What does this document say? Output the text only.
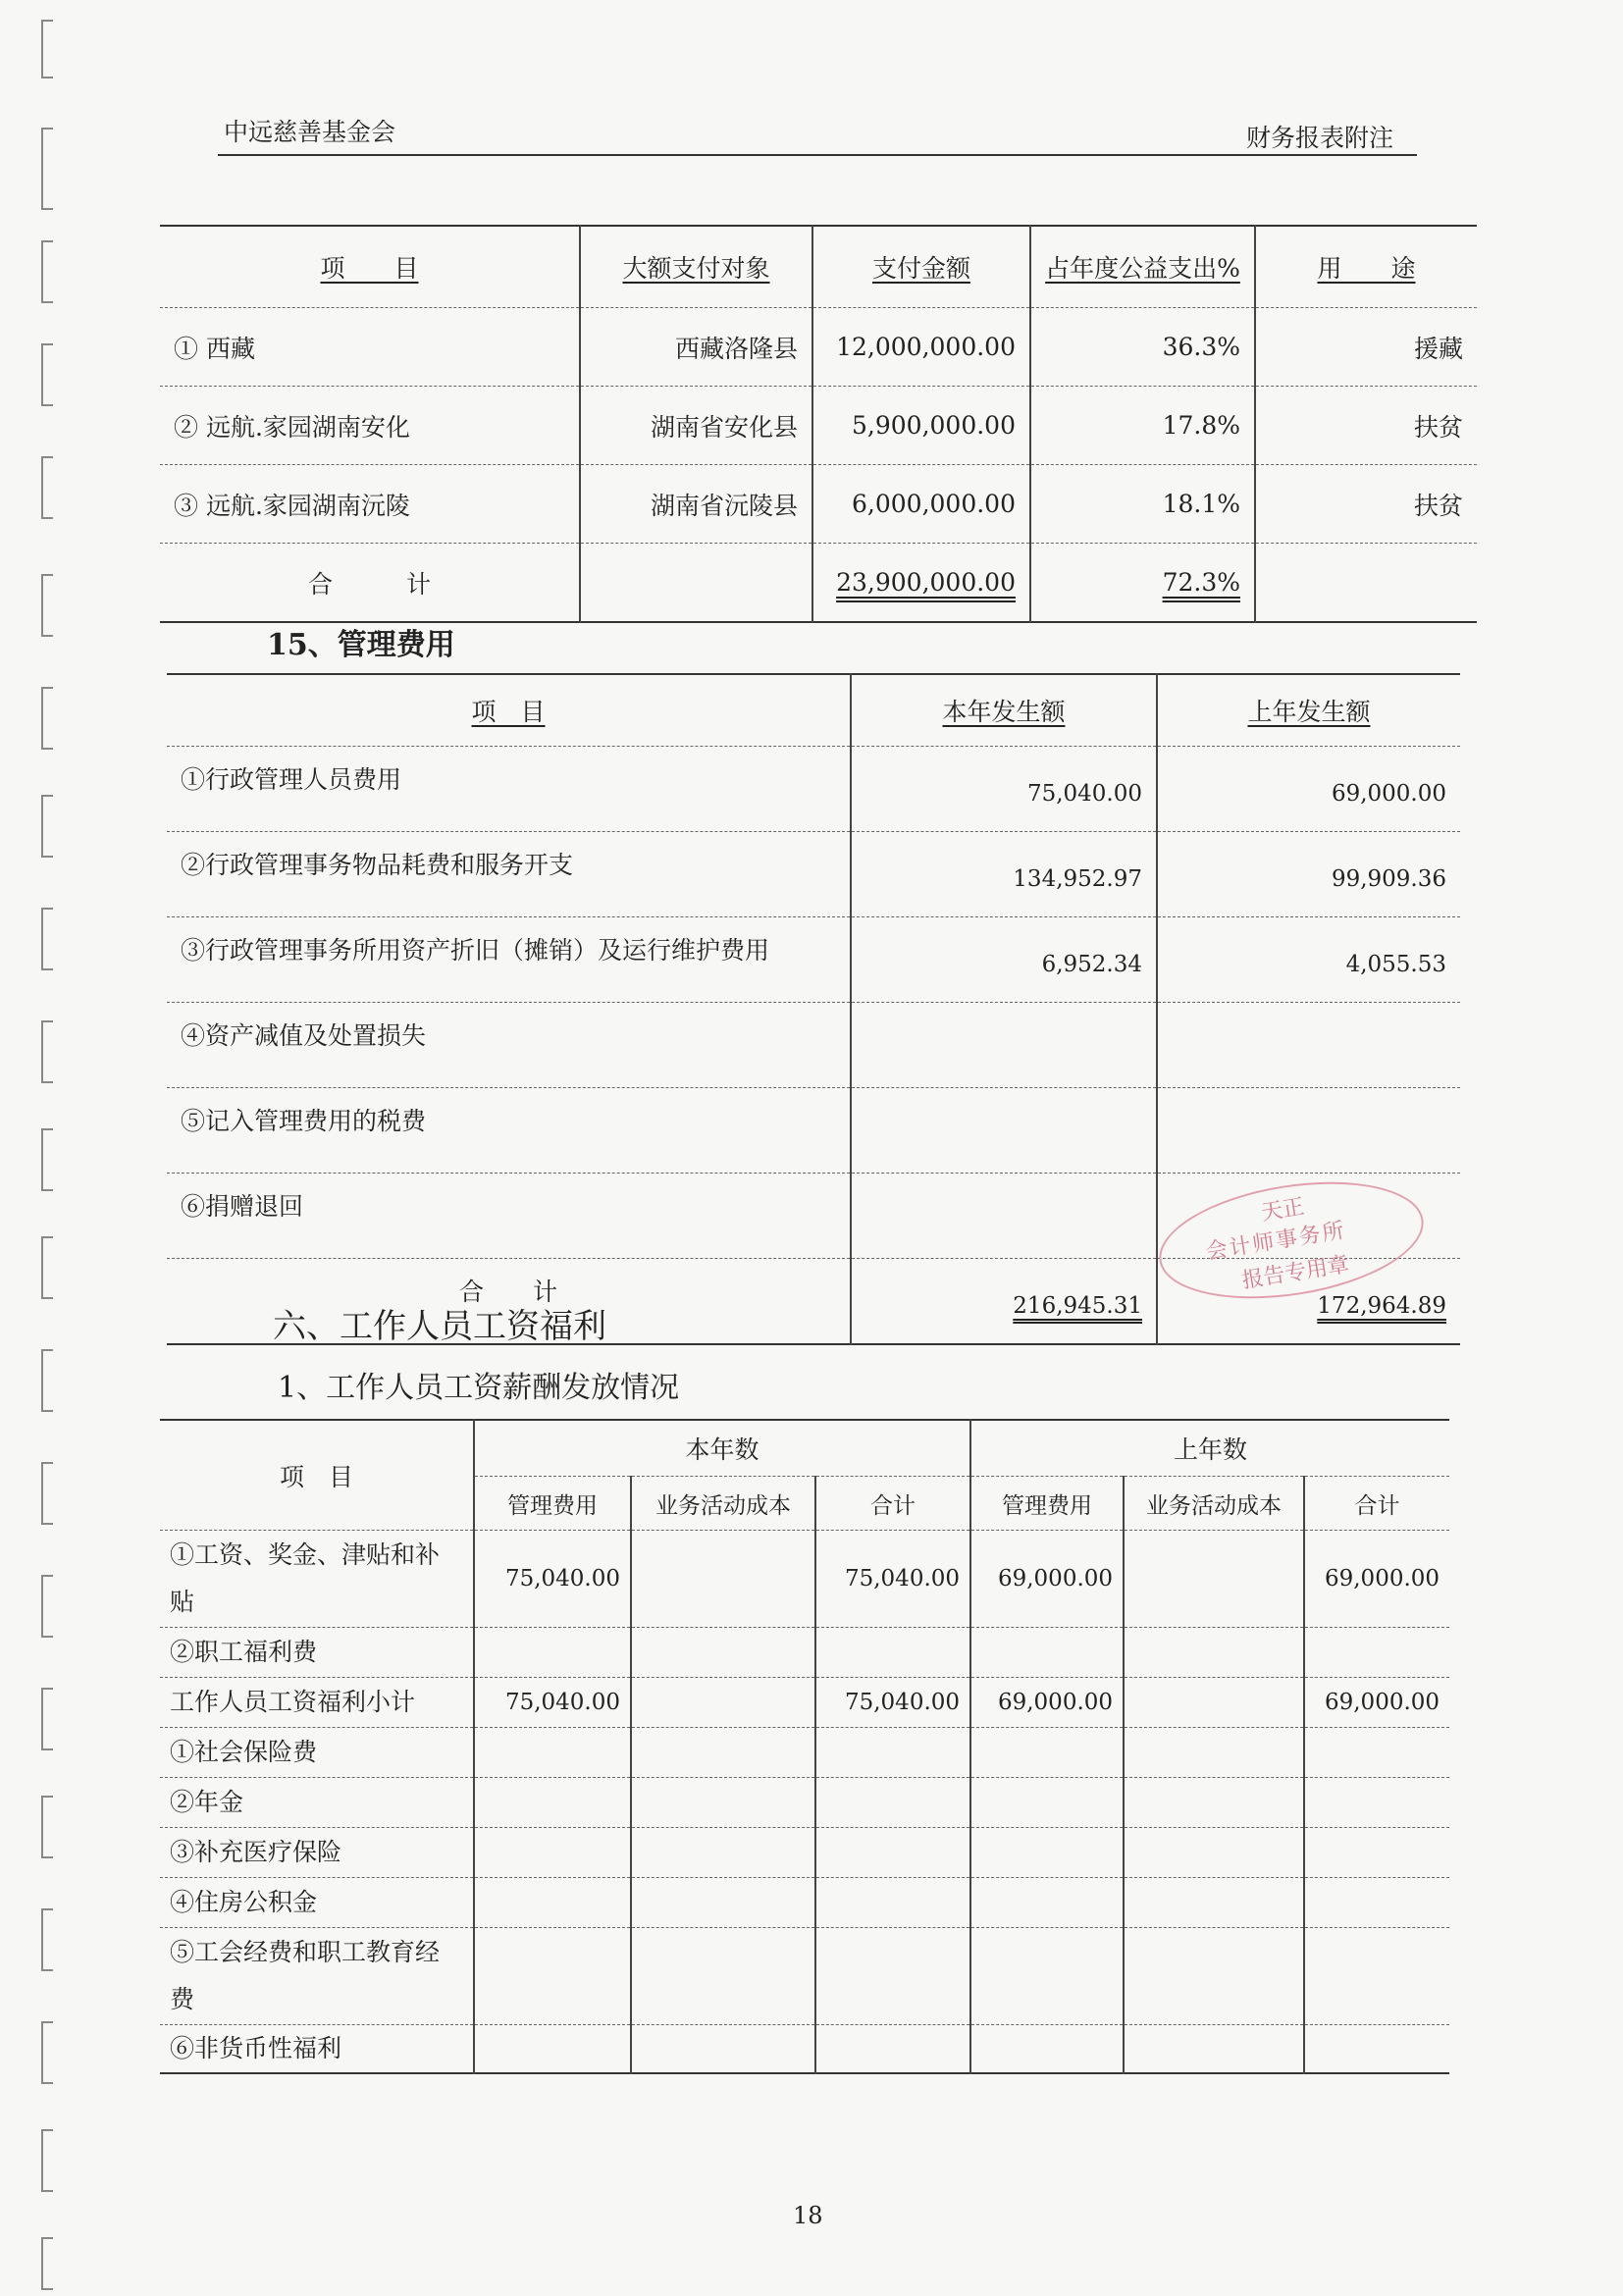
中远慈善基金会	财务报表附注
项　　目	大额支付对象	支付金额	占年度公益支出%	用　　途
① 西藏	西藏洛隆县	12,000,000.00	36.3%	援藏
② 远航.家园湖南安化	湖南省安化县	5,900,000.00	17.8%	扶贫
③ 远航.家园湖南沅陵	湖南省沅陵县	6,000,000.00	18.1%	扶贫
合　　　计		23,900,000.00	72.3%	
15、管理费用
项　目	本年发生额	上年发生额
①行政管理人员费用	75,040.00	69,000.00
②行政管理事务物品耗费和服务开支	134,952.97	99,909.36
③行政管理事务所用资产折旧（摊销）及运行维护费用	6,952.34	4,055.53
④资产减值及处置损失		
⑤记入管理费用的税费		
⑥捐赠退回		
合　　计	216,945.31	172,964.89
天正
会计师事务所
报告专用章
六、工作人员工资福利
1、工作人员工资薪酬发放情况
项　目	本年数			上年数		
	管理费用	业务活动成本	合计	管理费用	业务活动成本	合计
①工资、奖金、津贴和补贴	75,040.00		75,040.00	69,000.00		69,000.00
②职工福利费						
工作人员工资福利小计	75,040.00		75,040.00	69,000.00		69,000.00
①社会保险费						
②年金						
③补充医疗保险						
④住房公积金						
⑤工会经费和职工教育经费						
⑥非货币性福利						
18
